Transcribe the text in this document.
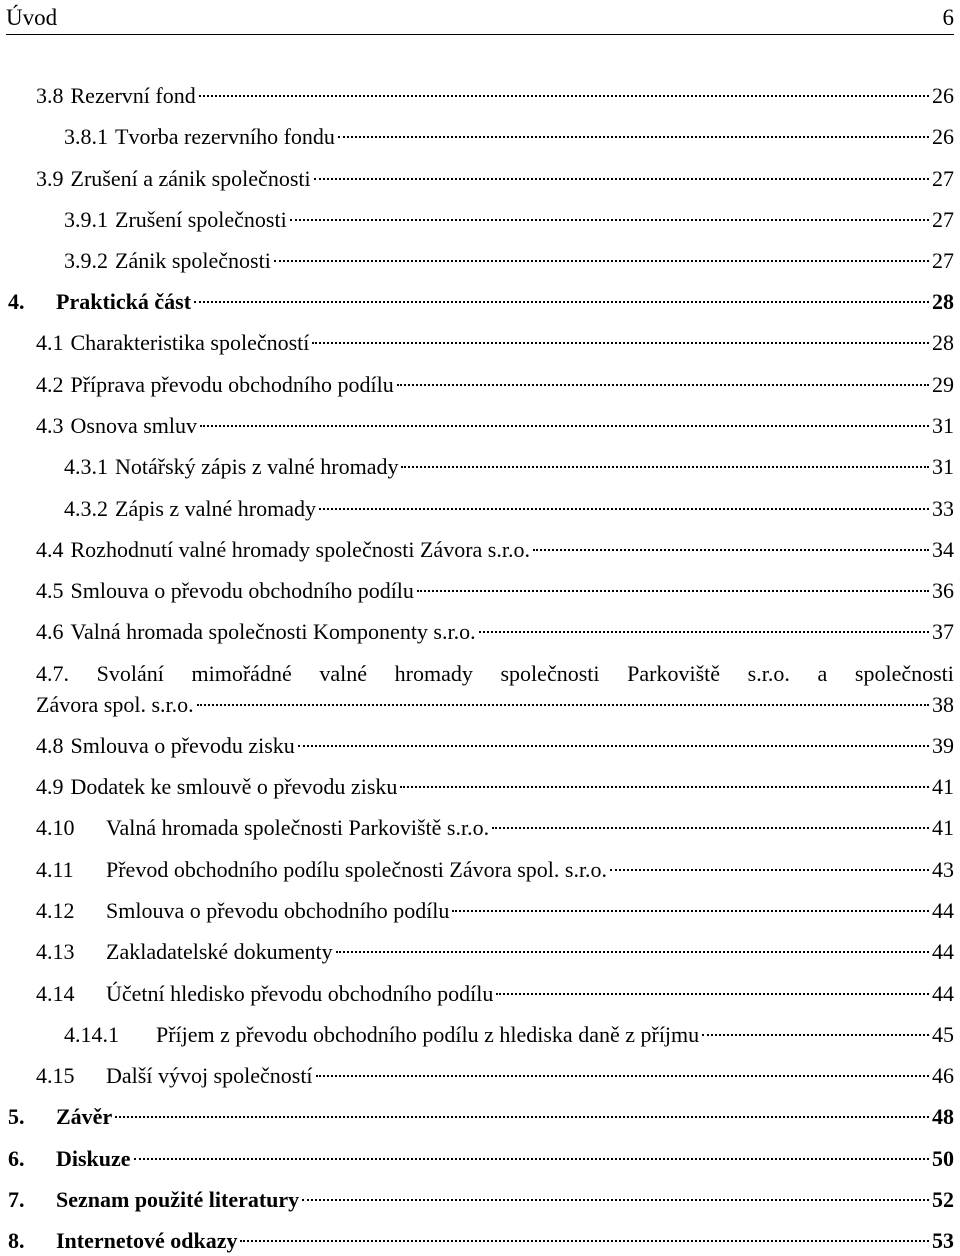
Úvod	6
3.8 Rezervní fond	26
3.8.1 Tvorba rezervního fondu	26
3.9 Zrušení a zánik společnosti	27
3.9.1 Zrušení společnosti	27
3.9.2 Zánik společnosti	27
4.	Praktická část	28
4.1 Charakteristika společností	28
4.2 Příprava převodu obchodního podílu	29
4.3 Osnova smluv	31
4.3.1 Notářský zápis z valné hromady	31
4.3.2 Zápis z valné hromady	33
4.4 Rozhodnutí valné hromady společnosti Závora s.r.o.	34
4.5 Smlouva o převodu obchodního podílu	36
4.6 Valná hromada společnosti Komponenty s.r.o.	37
4.7. Svolání mimořádné valné hromady společnosti Parkoviště s.r.o. a společnosti
Závora spol. s.r.o.	38
4.8 Smlouva o převodu zisku	39
4.9 Dodatek ke smlouvě o převodu zisku	41
4.10	Valná hromada společnosti Parkoviště s.r.o.	41
4.11	Převod obchodního podílu společnosti Závora spol. s.r.o.	43
4.12	Smlouva o převodu obchodního podílu	44
4.13	Zakladatelské dokumenty	44
4.14	Účetní hledisko převodu obchodního podílu	44
4.14.1	Příjem z převodu obchodního podílu z hlediska daně z příjmu	45
4.15	Další vývoj společností	46
5.	Závěr	48
6.	Diskuze	50
7.	Seznam použité literatury	52
8.	Internetové odkazy	53
